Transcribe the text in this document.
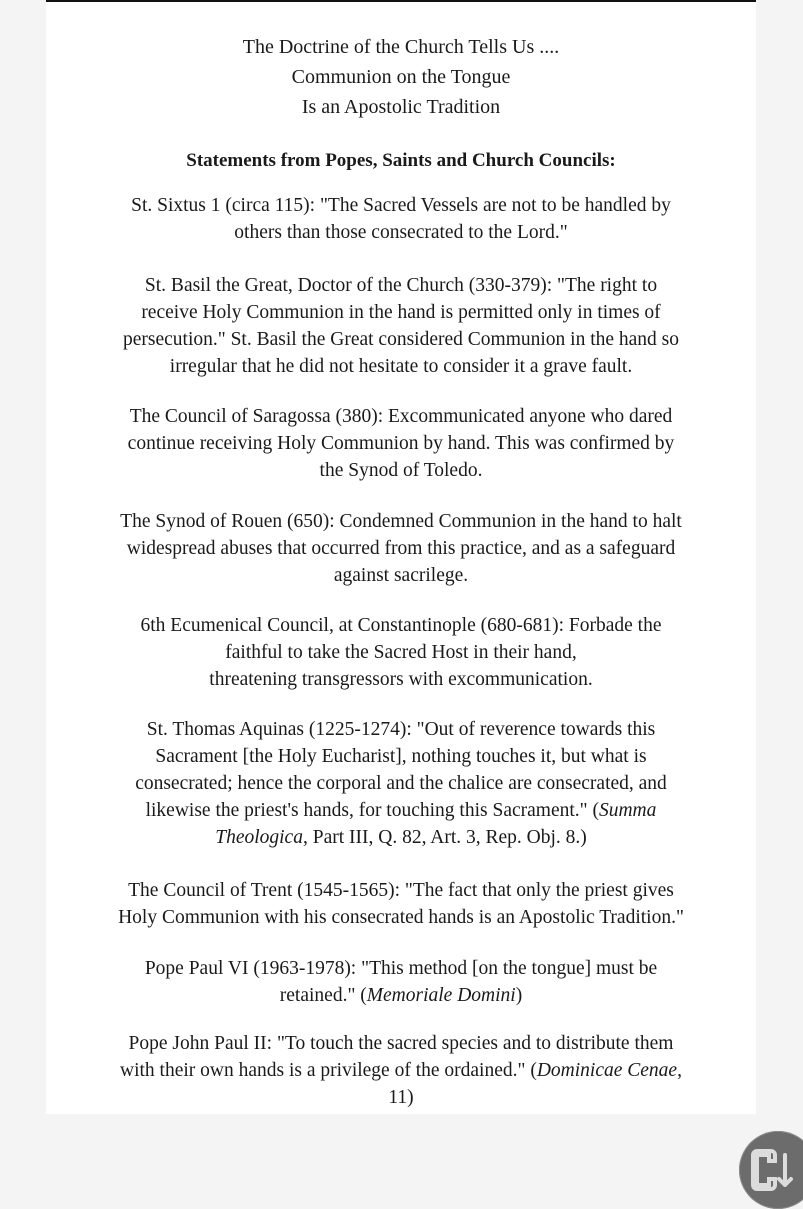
The Doctrine of the Church Tells Us ....
Communion on the Tongue
Is an Apostolic Tradition
Statements from Popes, Saints and Church Councils:
St. Sixtus 1 (circa 115): "The Sacred Vessels are not to be handled by
others than those consecrated to the Lord."
St. Basil the Great, Doctor of the Church (330-379): "The right to
receive Holy Communion in the hand is permitted only in times of
persecution." St. Basil the Great considered Communion in the hand so
irregular that he did not hesitate to consider it a grave fault.
The Council of Saragossa (380): Excommunicated anyone who dared
continue receiving Holy Communion by hand. This was confirmed by
the Synod of Toledo.
The Synod of Rouen (650): Condemned Communion in the hand to halt
widespread abuses that occurred from this practice, and as a safeguard
against sacrilege.
6th Ecumenical Council, at Constantinople (680-681): Forbade the
faithful to take the Sacred Host in their hand,
threatening transgressors with excommunication.
St. Thomas Aquinas (1225-1274): "Out of reverence towards this
Sacrament [the Holy Eucharist], nothing touches it, but what is
consecrated; hence the corporal and the chalice are consecrated, and
likewise the priest's hands, for touching this Sacrament." (Summa
Theologica, Part III, Q. 82, Art. 3, Rep. Obj. 8.)
The Council of Trent (1545-1565): "The fact that only the priest gives
Holy Communion with his consecrated hands is an Apostolic Tradition."
Pope Paul VI (1963-1978): "This method [on the tongue] must be
retained." (Memoriale Domini)
Pope John Paul II: "To touch the sacred species and to distribute them
with their own hands is a privilege of the ordained." (Dominicae Cenae,
11)
